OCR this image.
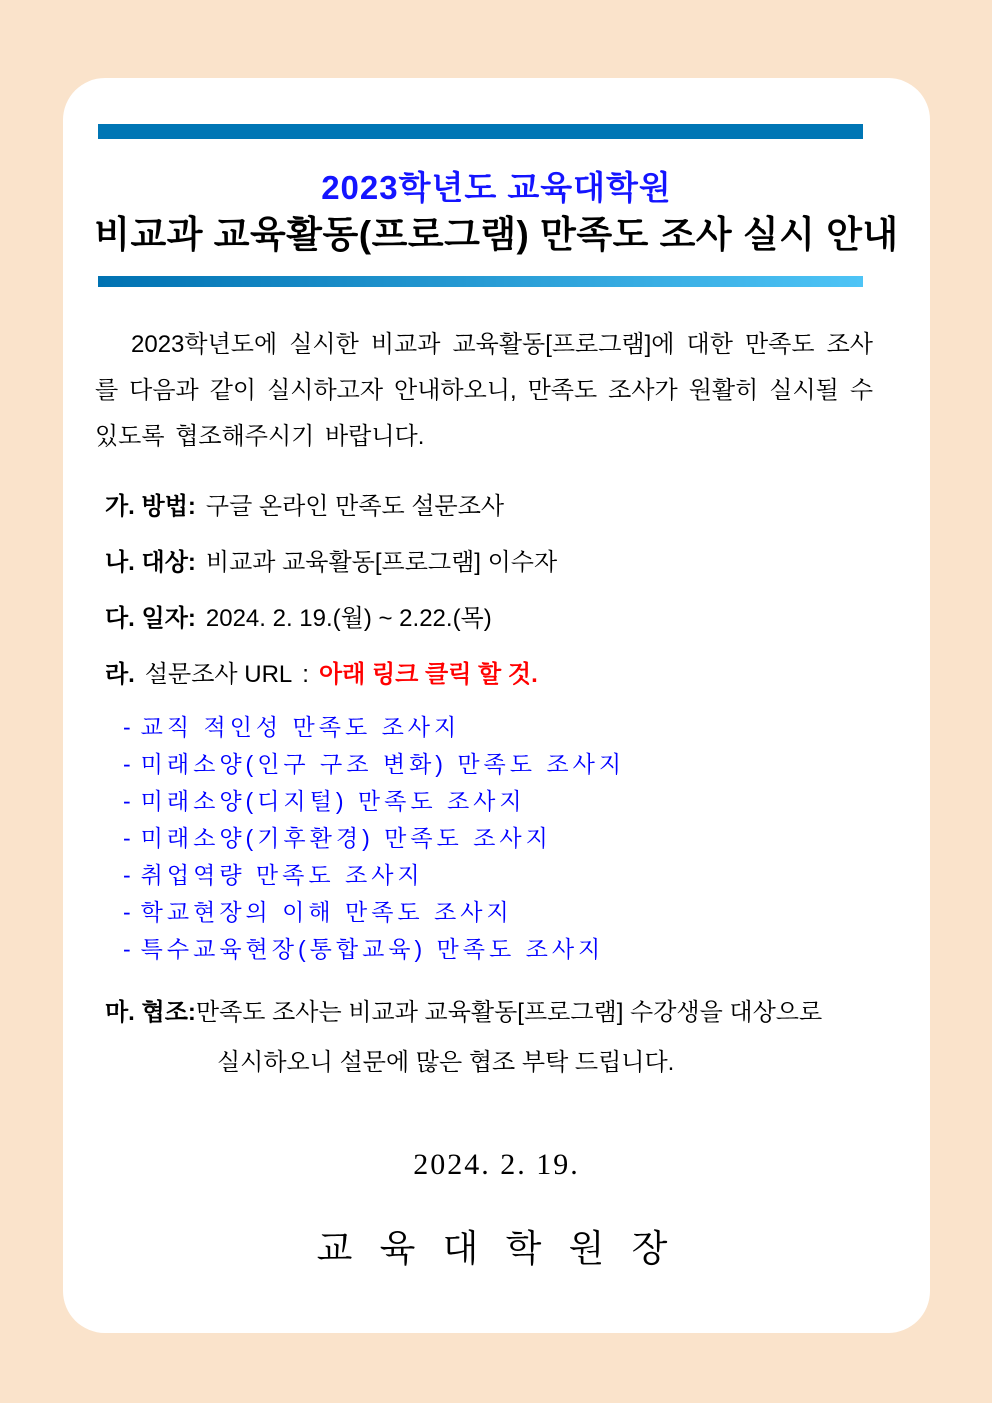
2023학년도 교육대학원
비교과 교육활동(프로그램) 만족도 조사 실시 안내
2023학년도에 실시한 비교과 교육활동[프로그램]에 대한 만족도 조사를 다음과 같이 실시하고자 안내하오니, 만족도 조사가 원활히 실시될 수 있도록 협조해주시기 바랍니다.
가. 방법: 구글 온라인 만족도 설문조사
나. 대상: 비교과 교육활동[프로그램] 이수자
다. 일자: 2024. 2. 19.(월) ~ 2.22.(목)
라. 설문조사 URL : 아래 링크 클릭 할 것.
- 교직 적인성 만족도 조사지
- 미래소양(인구 구조 변화) 만족도 조사지
- 미래소양(디지털) 만족도 조사지
- 미래소양(기후환경) 만족도 조사지
- 취업역량 만족도 조사지
- 학교현장의 이해 만족도 조사지
- 특수교육현장(통합교육) 만족도 조사지
마. 협조:만족도 조사는 비교과 교육활동[프로그램] 수강생을 대상으로
실시하오니 설문에 많은 협조 부탁 드립니다.
2024. 2. 19.
교 육 대 학 원 장
